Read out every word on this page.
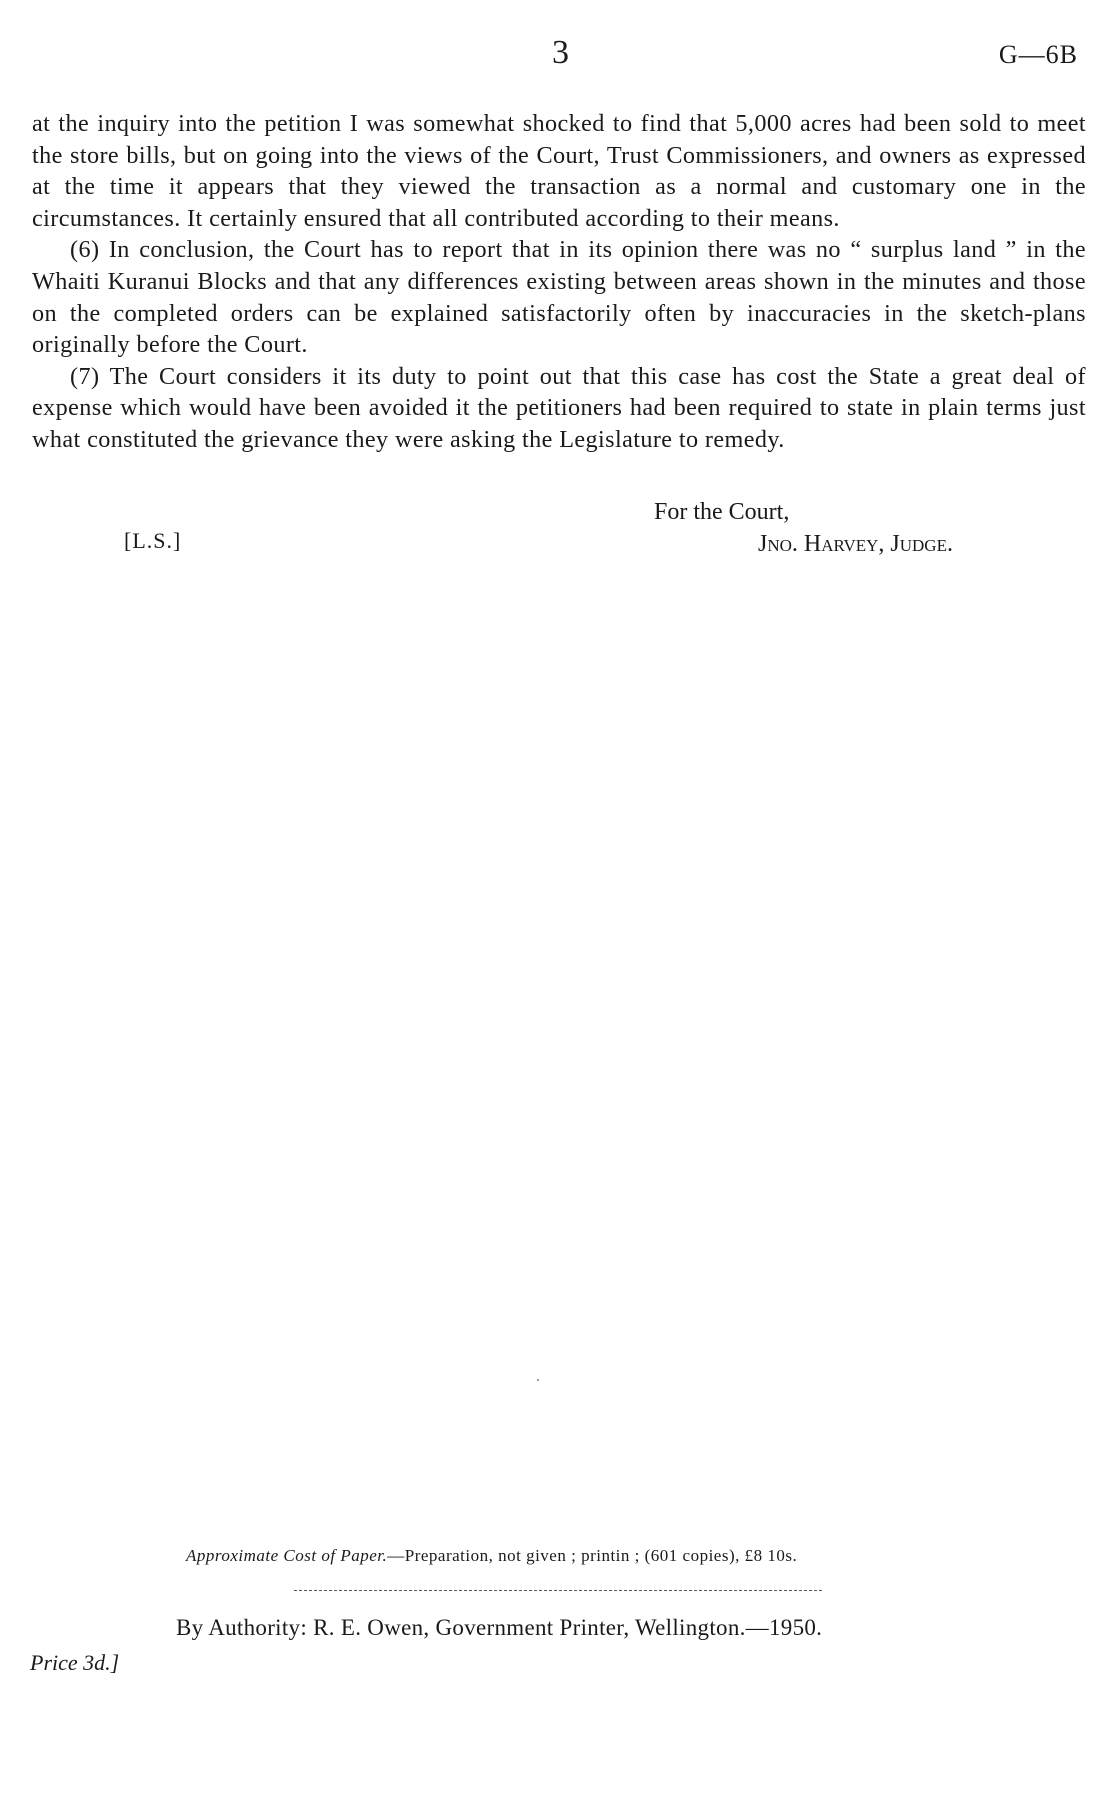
3	G—6B

at the inquiry into the petition I was somewhat shocked to find that 5,000 acres had been sold to meet the store bills, but on going into the views of the Court, Trust Commissioners, and owners as expressed at the time it appears that they viewed the transaction as a normal and customary one in the circumstances. It certainly ensured that all contributed according to their means.

(6) In conclusion, the Court has to report that in its opinion there was no “ surplus land ” in the Whaiti Kuranui Blocks and that any differences existing between areas shown in the minutes and those on the completed orders can be explained satisfactorily often by inaccuracies in the sketch-plans originally before the Court.

(7) The Court considers it its duty to point out that this case has cost the State a great deal of expense which would have been avoided it the petitioners had been required to state in plain terms just what constituted the grievance they were asking the Legislature to remedy.

For the Court,
Jno. Harvey, Judge.
[L.S.]
Approximate Cost of Paper.—Preparation, not given ; printin ; (601 copies), £8 10s.
By Authority: R. E. Owen, Government Printer, Wellington.—1950.
Price 3d.]
